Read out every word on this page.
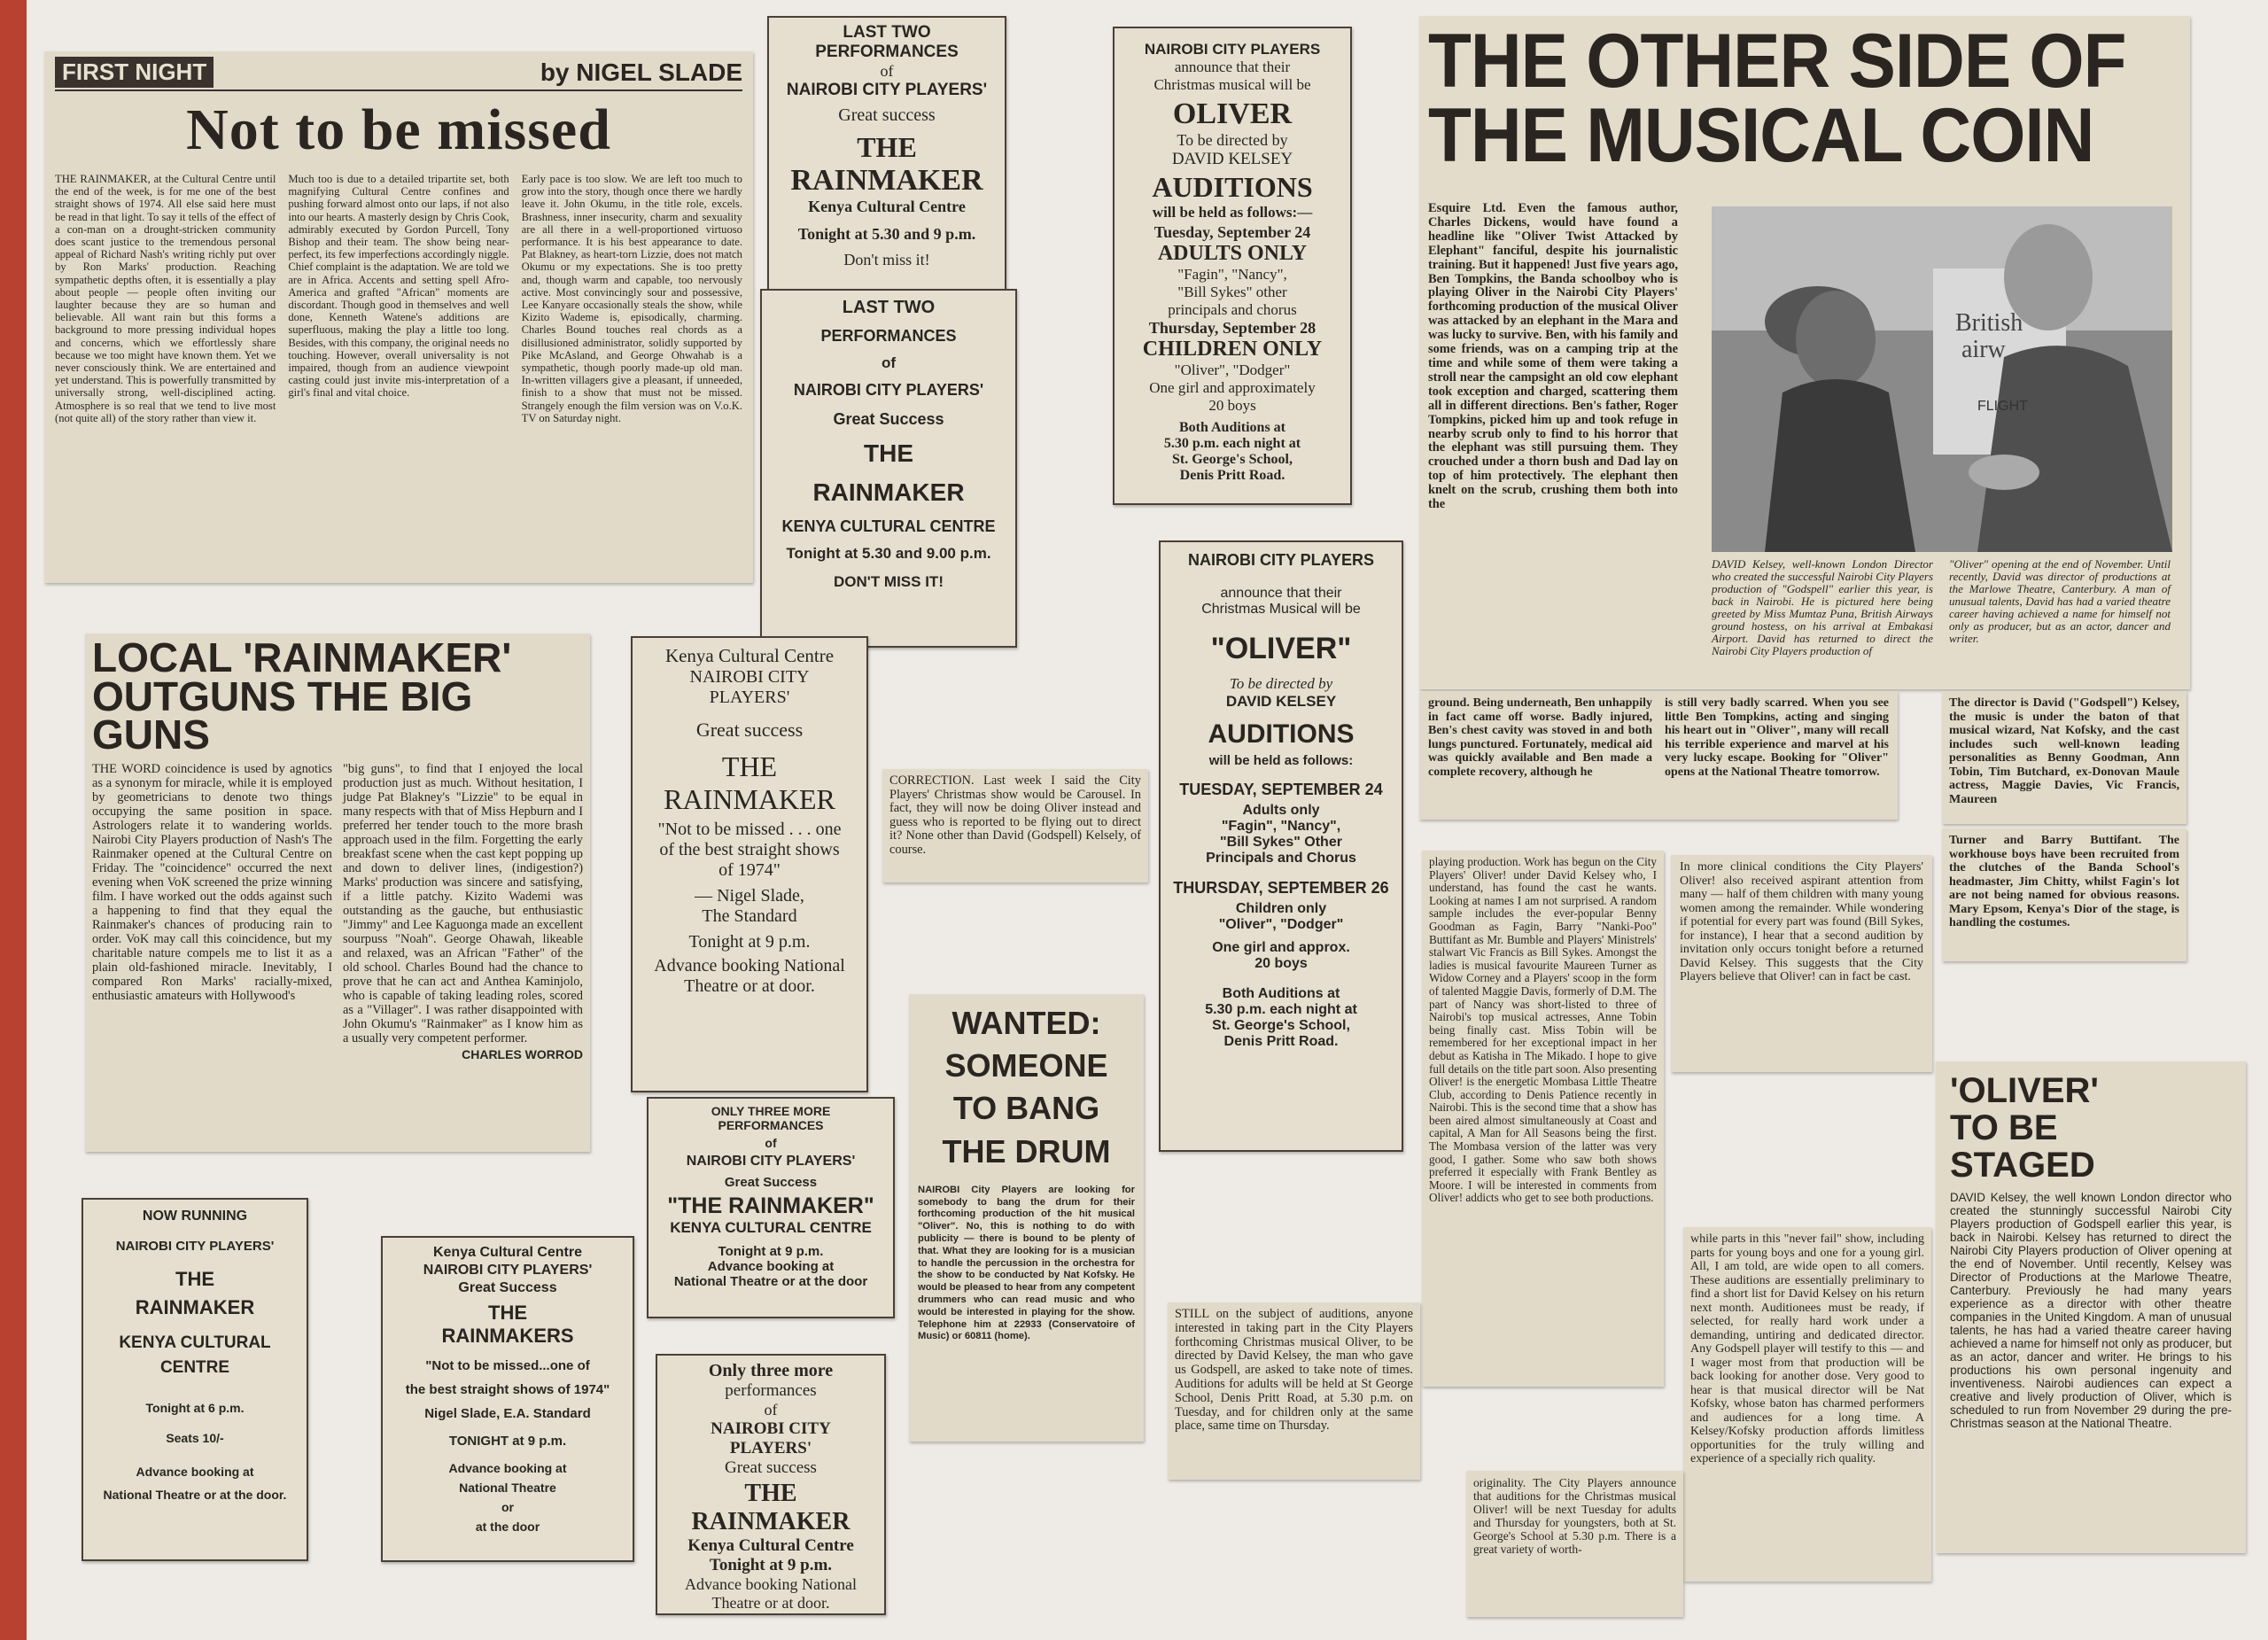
FIRST NIGHT	by NIGEL SLADE
Not to be missed
THE RAINMAKER, at the Cultural Centre until the end of the week, is for me one of the best straight shows of 1974. All else said here must be read in that light. To say it tells of the effect of a con-man on a drought-stricken community does scant justice to the tremendous personal appeal of Richard Nash's writing richly put over by Ron Marks' production. Reaching sympathetic depths often, it is essentially a play about people — people often inviting our laughter because they are so human and believable. All want rain but this forms a background to more pressing individual hopes and concerns, which we effortlessly share because we too might have known them. Yet we never consciously think. We are entertained and yet understand. This is powerfully transmitted by universally strong, well-disciplined acting. Atmosphere is so real that we tend to live most (not quite all) of the story rather than view it.
Much too is due to a detailed tripartite set, both magnifying Cultural Centre confines and pushing forward almost onto our laps, if not also into our hearts. A masterly design by Chris Cook, admirably executed by Gordon Purcell, Tony Bishop and their team. The show being near-perfect, its few imperfections accordingly niggle. Chief complaint is the adaptation. We are told we are in Africa. Accents and setting spell Afro-America and grafted "African" moments are discordant. Though good in themselves and well done, Kenneth Watene's additions are superfluous, making the play a little too long. Besides, with this company, the original needs no touching. However, overall universality is not impaired, though from an audience viewpoint casting could just invite mis-interpretation of a girl's final and vital choice.
Early pace is too slow. We are left too much to grow into the story, though once there we hardly leave it. John Okumu, in the title role, excels. Brashness, inner insecurity, charm and sexuality are all there in a well-proportioned virtuoso performance. It is his best appearance to date. Pat Blakney, as heart-torn Lizzie, does not match Okumu or my expectations. She is too pretty and, though warm and capable, too nervously active. Most convincingly sour and possessive, Lee Kanyare occasionally steals the show, while Kizito Wademe is, episodically, charming. Charles Bound touches real chords as a disillusioned administrator, solidly supported by Pike McAsland, and George Ohwahab is a sympathetic, though poorly made-up old man. In-written villagers give a pleasant, if unneeded, finish to a show that must not be missed. Strangely enough the film version was on V.o.K. TV on Saturday night.
LAST TWO
PERFORMANCES
of
NAIROBI CITY PLAYERS'
Great success
THE
RAINMAKER
Kenya Cultural Centre
Tonight at 5.30 and 9 p.m.
Don't miss it!
LAST TWO
PERFORMANCES
of
NAIROBI CITY PLAYERS'
Great Success
THE
RAINMAKER
KENYA CULTURAL CENTRE
Tonight at 5.30 and 9.00 p.m.
DON'T MISS IT!
NAIROBI CITY PLAYERS
announce that their
Christmas musical will be
OLIVER
To be directed by
DAVID KELSEY
AUDITIONS
will be held as follows:—
Tuesday, September 24
ADULTS ONLY
"Fagin", "Nancy",
"Bill Sykes" other
principals and chorus
Thursday, September 28
CHILDREN ONLY
"Oliver", "Dodger"
One girl and approximately
20 boys
Both Auditions at
5.30 p.m. each night at
St. George's School,
Denis Pritt Road.
THE OTHER SIDE OF
THE MUSICAL COIN
Esquire Ltd. Even the famous author, Charles Dickens, would have found a headline like "Oliver Twist Attacked by Elephant" fanciful, despite his journalistic training. But it happened! Just five years ago, Ben Tompkins, the Banda schoolboy who is playing Oliver in the Nairobi City Players' forthcoming production of the musical Oliver was attacked by an elephant in the Mara and was lucky to survive. Ben, with his family and some friends, was on a camping trip at the time and while some of them were taking a stroll near the campsight an old cow elephant took exception and charged, scattering them all in different directions. Ben's father, Roger Tompkins, picked him up and took refuge in nearby scrub only to find to his horror that the elephant was still pursuing them. They crouched under a thorn bush and Dad lay on top of him protectively. The elephant then knelt on the scrub, crushing them both into the
British
airw
FLIGHT
DAVID Kelsey, well-known London Director who created the successful Nairobi City Players production of "Godspell" earlier this year, is back in Nairobi. He is pictured here being greeted by Miss Mumtaz Puna, British Airways ground hostess, on his arrival at Embakasi Airport. David has returned to direct the Nairobi City Players production of
"Oliver" opening at the end of November. Until recently, David was director of productions at the Marlowe Theatre, Canterbury. A man of unusual talents, David has had a varied theatre career having achieved a name for himself not only as producer, but as an actor, dancer and writer.
ground. Being underneath, Ben unhappily in fact came off worse. Badly injured, Ben's chest cavity was stoved in and both lungs punctured. Fortunately, medical aid was quickly available and Ben made a complete recovery, although he
is still very badly scarred. When you see little Ben Tompkins, acting and singing his heart out in "Oliver", many will recall his terrible experience and marvel at his very lucky escape. Booking for "Oliver" opens at the National Theatre tomorrow.
The director is David ("Godspell") Kelsey, the music is under the baton of that musical wizard, Nat Kofsky, and the cast includes such well-known leading personalities as Benny Goodman, Ann Tobin, Tim Butchard, ex-Donovan Maule actress, Maggie Davies, Vic Francis, Maureen
Turner and Barry Buttifant. The workhouse boys have been recruited from the clutches of the Banda School's headmaster, Jim Chitty, whilst Fagin's lot are not being named for obvious reasons. Mary Epsom, Kenya's Dior of the stage, is handling the costumes.
LOCAL 'RAINMAKER'
OUTGUNS THE BIG GUNS
THE WORD coincidence is used by agnotics as a synonym for miracle, while it is employed by geometricians to denote two things occupying the same position in space. Astrologers relate it to wandering worlds. Nairobi City Players production of Nash's The Rainmaker opened at the Cultural Centre on Friday. The "coincidence" occurred the next evening when VoK screened the prize winning film. I have worked out the odds against such a happening to find that they equal the Rainmaker's chances of producing rain to order. VoK may call this coincidence, but my charitable nature compels me to list it as a plain old-fashioned miracle. Inevitably, I compared Ron Marks' racially-mixed, enthusiastic amateurs with Hollywood's
"big guns", to find that I enjoyed the local production just as much. Without hesitation, I judge Pat Blakney's "Lizzie" to be equal in many respects with that of Miss Hepburn and I preferred her tender touch to the more brash approach used in the film. Forgetting the early breakfast scene when the cast kept popping up and down to deliver lines, (indigestion?) Marks' production was sincere and satisfying, if a little patchy. Kizito Wademi was outstanding as the gauche, but enthusiastic "Jimmy" and Lee Kaguonga made an excellent sourpuss "Noah". George Ohawah, likeable and relaxed, was an African "Father" of the old school. Charles Bound had the chance to prove that he can act and Anthea Kaminjolo, who is capable of taking leading roles, scored as a "Villager". I was rather disappointed with John Okumu's "Rainmaker" as I know him as a usually very competent performer.
CHARLES WORROD
Kenya Cultural Centre
NAIROBI CITY
PLAYERS'
Great success
THE
RAINMAKER
"Not to be missed . . . one
of the best straight shows
of 1974"
— Nigel Slade,
The Standard
Tonight at 9 p.m.
Advance booking National
Theatre or at door.
CORRECTION. Last week I said the City Players' Christmas show would be Carousel. In fact, they will now be doing Oliver instead and guess who is reported to be flying out to direct it? None other than David (Godspell) Kelsely, of course.
NAIROBI CITY PLAYERS
announce that their
Christmas Musical will be
"OLIVER"
To be directed by
DAVID KELSEY
AUDITIONS
will be held as follows:
TUESDAY, SEPTEMBER 24
Adults only
"Fagin", "Nancy",
"Bill Sykes" Other
Principals and Chorus
THURSDAY, SEPTEMBER 26
Children only
"Oliver", "Dodger"
One girl and approx.
20 boys
Both Auditions at
5.30 p.m. each night at
St. George's School,
Denis Pritt Road.
WANTED:
SOMEONE
TO BANG
THE DRUM
NAIROBI City Players are looking for somebody to bang the drum for their forthcoming production of the hit musical "Oliver". No, this is nothing to do with publicity — there is bound to be plenty of that. What they are looking for is a musician to handle the percussion in the orchestra for the show to be conducted by Nat Kofsky. He would be pleased to hear from any competent drummers who can read music and who would be interested in playing for the show. Telephone him at 22933 (Conservatoire of Music) or 60811 (home).
ONLY THREE MORE
PERFORMANCES
of
NAIROBI CITY PLAYERS'
Great Success
"THE RAINMAKER"
KENYA CULTURAL CENTRE
Tonight at 9 p.m.
Advance booking at
National Theatre or at the door
Only three more
performances
of
NAIROBI CITY
PLAYERS'
Great success
THE
RAINMAKER
Kenya Cultural Centre
Tonight at 9 p.m.
Advance booking National
Theatre or at door.
NOW RUNNING
NAIROBI CITY PLAYERS'
THE
RAINMAKER
KENYA CULTURAL
CENTRE
Tonight at 6 p.m.
Seats 10/-
Advance booking at
National Theatre or at the door.
Kenya Cultural Centre
NAIROBI CITY PLAYERS'
Great Success
THE
RAINMAKERS
"Not to be missed...one of
the best straight shows of 1974"
Nigel Slade, E.A. Standard
TONIGHT at 9 p.m.
Advance booking at
National Theatre
or
at the door
playing production. Work has begun on the City Players' Oliver! under David Kelsey who, I understand, has found the cast he wants. Looking at names I am not surprised. A random sample includes the ever-popular Benny Goodman as Fagin, Barry "Nanki-Poo" Buttifant as Mr. Bumble and Players' Ministrels' stalwart Vic Francis as Bill Sykes. Amongst the ladies is musical favourite Maureen Turner as Widow Corney and a Players' scoop in the form of talented Maggie Davis, formerly of D.M. The part of Nancy was short-listed to three of Nairobi's top musical actresses, Anne Tobin being finally cast. Miss Tobin will be remembered for her exceptional impact in her debut as Katisha in The Mikado. I hope to give full details on the title part soon. Also presenting Oliver! is the energetic Mombasa Little Theatre Club, according to Denis Patience recently in Nairobi. This is the second time that a show has been aired almost simultaneously at Coast and capital, A Man for All Seasons being the first. The Mombasa version of the latter was very good, I gather. Some who saw both shows preferred it especially with Frank Bentley as Moore. I will be interested in comments from Oliver! addicts who get to see both productions.
In more clinical conditions the City Players' Oliver! also received aspirant attention from many — half of them children with many young women among the remainder. While wondering if potential for every part was found (Bill Sykes, for instance), I hear that a second audition by invitation only occurs tonight before a returned David Kelsey. This suggests that the City Players believe that Oliver! can in fact be cast.
STILL on the subject of auditions, anyone interested in taking part in the City Players forthcoming Christmas musical Oliver, to be directed by David Kelsey, the man who gave us Godspell, are asked to take note of times. Auditions for adults will be held at St George School, Denis Pritt Road, at 5.30 p.m. on Tuesday, and for children only at the same place, same time on Thursday.
while parts in this "never fail" show, including parts for young boys and one for a young girl. All, I am told, are wide open to all comers. These auditions are essentially preliminary to find a short list for David Kelsey on his return next month. Auditionees must be ready, if selected, for really hard work under a demanding, untiring and dedicated director. Any Godspell player will testify to this — and I wager most from that production will be back looking for another dose. Very good to hear is that musical director will be Nat Kofsky, whose baton has charmed performers and audiences for a long time. A Kelsey/Kofsky production affords limitless opportunities for the truly willing and experience of a specially rich quality.
originality. The City Players announce that auditions for the Christmas musical Oliver! will be next Tuesday for adults and Thursday for youngsters, both at St. George's School at 5.30 p.m. There is a great variety of worth-
'OLIVER'
TO BE
STAGED
DAVID Kelsey, the well known London director who created the stunningly successful Nairobi City Players production of Godspell earlier this year, is back in Nairobi. Kelsey has returned to direct the Nairobi City Players production of Oliver opening at the end of November. Until recently, Kelsey was Director of Productions at the Marlowe Theatre, Canterbury. Previously he had many years experience as a director with other theatre companies in the United Kingdom. A man of unusual talents, he has had a varied theatre career having achieved a name for himself not only as producer, but as an actor, dancer and writer. He brings to his productions his own personal ingenuity and inventiveness. Nairobi audiences can expect a creative and lively production of Oliver, which is scheduled to run from November 29 during the pre-Christmas season at the National Theatre.
